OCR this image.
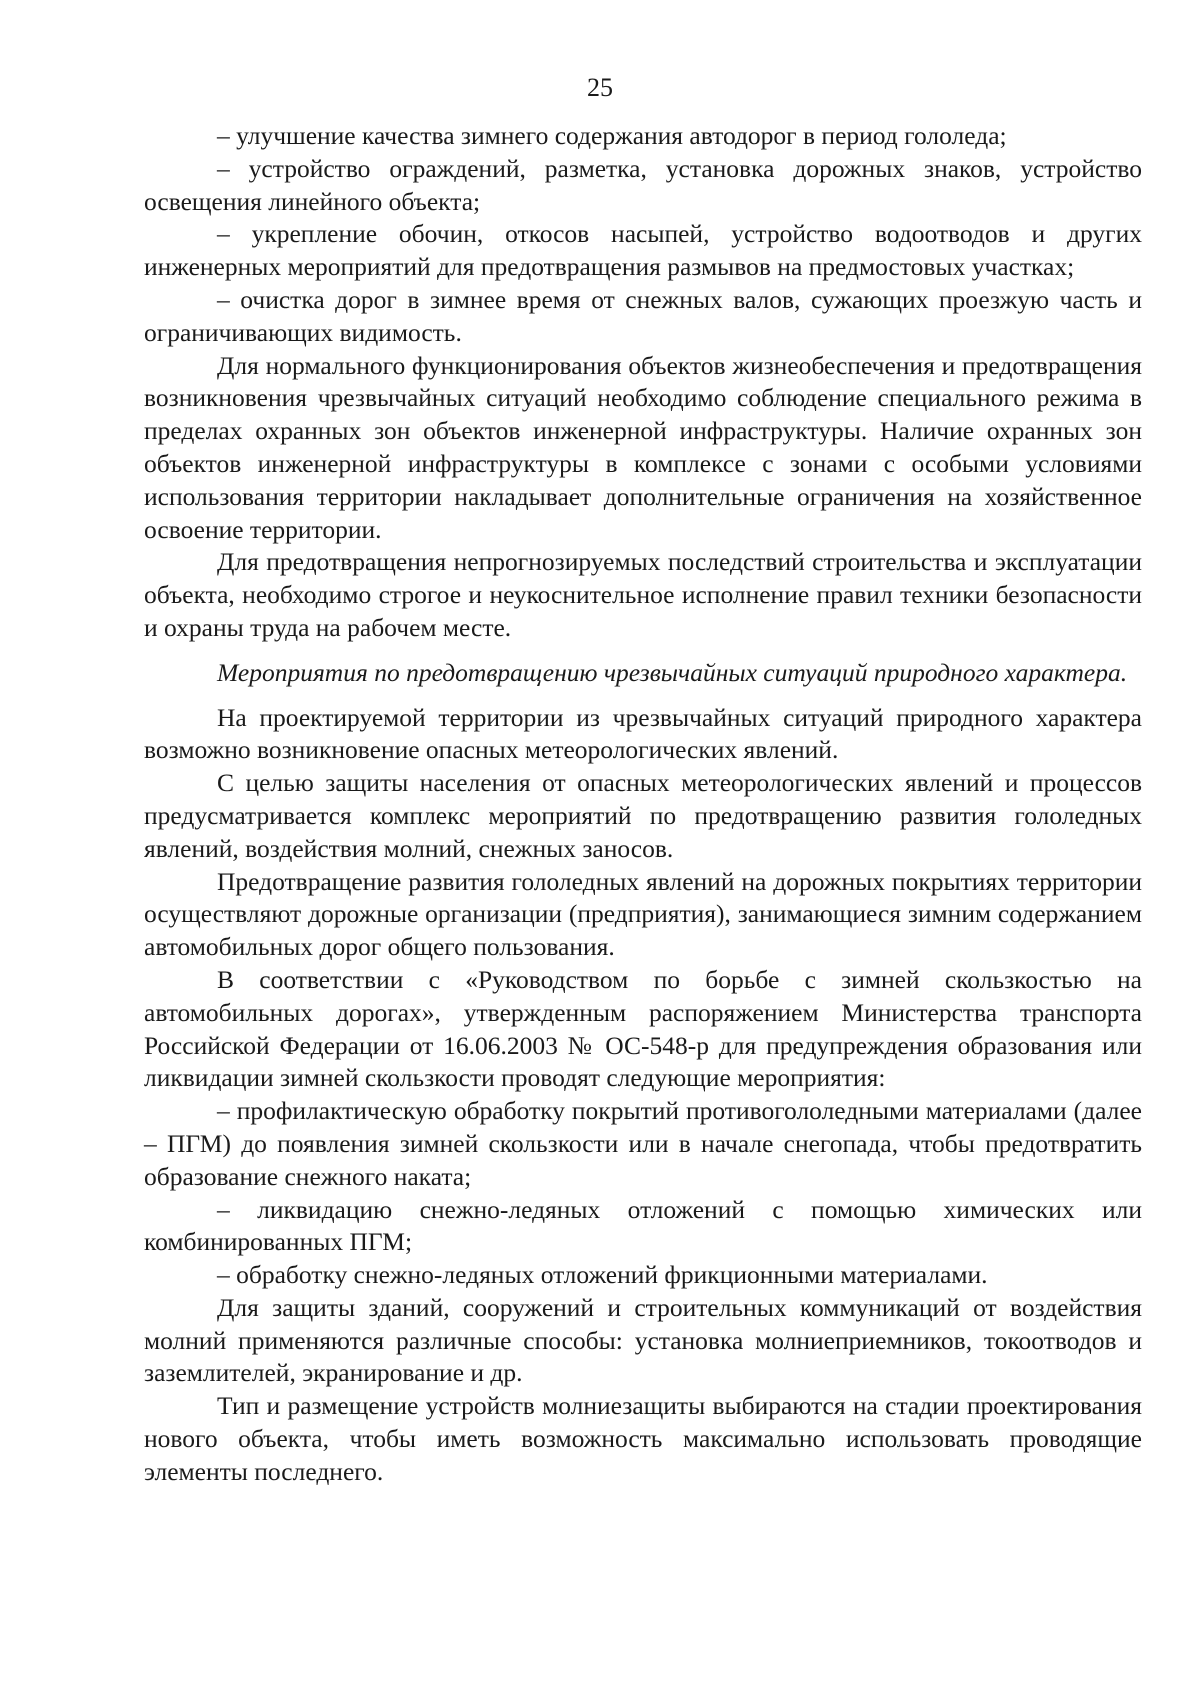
25

– улучшение качества зимнего содержания автодорог в период гололеда;

– устройство ограждений, разметка, установка дорожных знаков, устройство освещения линейного объекта;

– укрепление обочин, откосов насыпей, устройство водоотводов и других инженерных мероприятий для предотвращения размывов на предмостовых участках;

– очистка дорог в зимнее время от снежных валов, сужающих проезжую часть и ограничивающих видимость.

Для нормального функционирования объектов жизнеобеспечения и предотвращения возникновения чрезвычайных ситуаций необходимо соблюдение специального режима в пределах охранных зон объектов инженерной инфраструктуры. Наличие охранных зон объектов инженерной инфраструктуры в комплексе с зонами с особыми условиями использования территории накладывает дополнительные ограничения на хозяйственное освоение территории.

Для предотвращения непрогнозируемых последствий строительства и эксплуатации объекта, необходимо строгое и неукоснительное исполнение правил техники безопасности и охраны труда на рабочем месте.

Мероприятия по предотвращению чрезвычайных ситуаций природного характера.

На проектируемой территории из чрезвычайных ситуаций природного характера возможно возникновение опасных метеорологических явлений.

С целью защиты населения от опасных метеорологических явлений и процессов предусматривается комплекс мероприятий по предотвращению развития гололедных явлений, воздействия молний, снежных заносов.

Предотвращение развития гололедных явлений на дорожных покрытиях территории осуществляют дорожные организации (предприятия), занимающиеся зимним содержанием автомобильных дорог общего пользования.

В соответствии с «Руководством по борьбе с зимней скользкостью на автомобильных дорогах», утвержденным распоряжением Министерства транспорта Российской Федерации от 16.06.2003 № ОС-548-р для предупреждения образования или ликвидации зимней скользкости проводят следующие мероприятия:

– профилактическую обработку покрытий противогололедными материалами (далее – ПГМ) до появления зимней скользкости или в начале снегопада, чтобы предотвратить образование снежного наката;

– ликвидацию снежно-ледяных отложений с помощью химических или комбинированных ПГМ;

– обработку снежно-ледяных отложений фрикционными материалами.

Для защиты зданий, сооружений и строительных коммуникаций от воздействия молний применяются различные способы: установка молниеприемников, токоотводов и заземлителей, экранирование и др.

Тип и размещение устройств молниезащиты выбираются на стадии проектирования нового объекта, чтобы иметь возможность максимально использовать проводящие элементы последнего.
